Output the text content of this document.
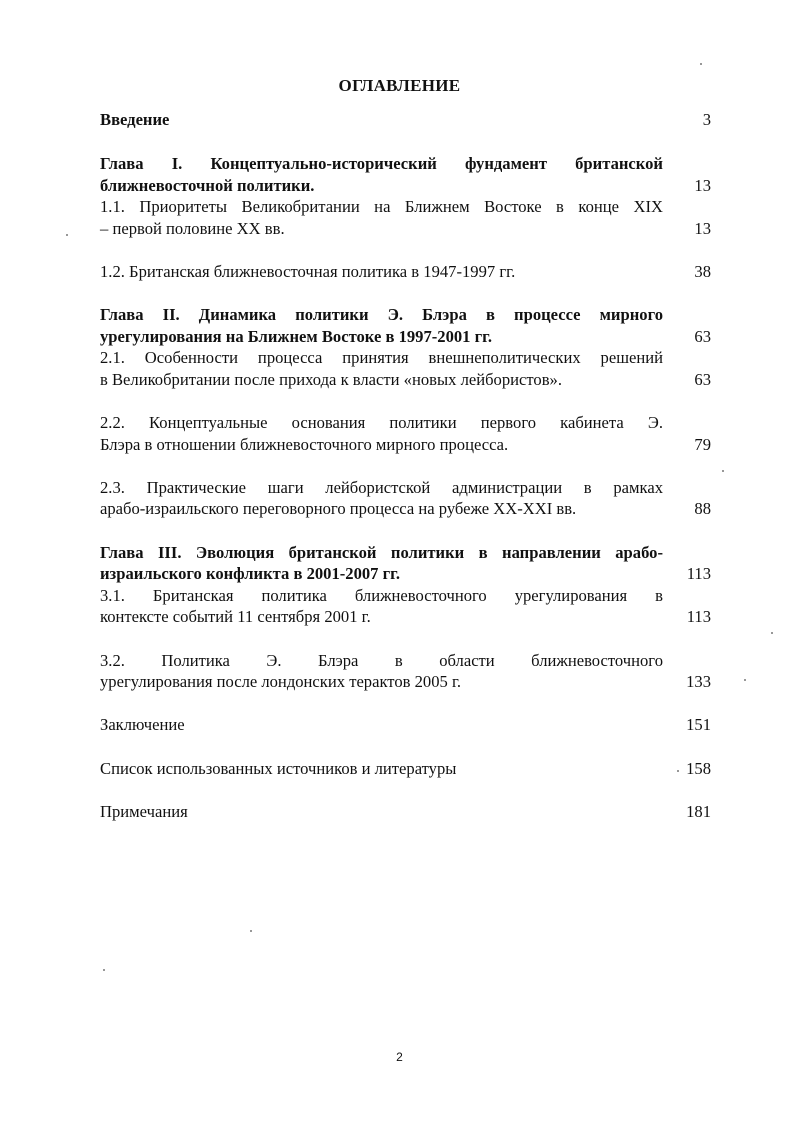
ОГЛАВЛЕНИЕ
Введение	3
Глава I. Концептуально-исторический фундамент британской
ближневосточной политики.	13
1.1. Приоритеты Великобритании на Ближнем Востоке в конце XIX
– первой половине XX вв.	13
1.2. Британская ближневосточная политика в 1947-1997 гг.	38
Глава II. Динамика политики Э. Блэра в процессе мирного
урегулирования на Ближнем Востоке в 1997-2001 гг.	63
2.1. Особенности процесса принятия внешнеполитических решений
в Великобритании после прихода к власти «новых лейбористов».	63
2.2. Концептуальные основания политики первого кабинета Э.
Блэра в отношении ближневосточного мирного процесса.	79
2.3. Практические шаги лейбористской администрации в рамках
арабо-израильского переговорного процесса на рубеже XX-XXI вв.	88
Глава III. Эволюция британской политики в направлении арабо-
израильского конфликта в 2001-2007 гг.	113
3.1. Британская политика ближневосточного урегулирования в
контексте событий 11 сентября 2001 г.	113
3.2. Политика Э. Блэра в области ближневосточного
урегулирования после лондонских терактов 2005 г.	133
Заключение	151
Список использованных источников и литературы	158
Примечания	181
2
